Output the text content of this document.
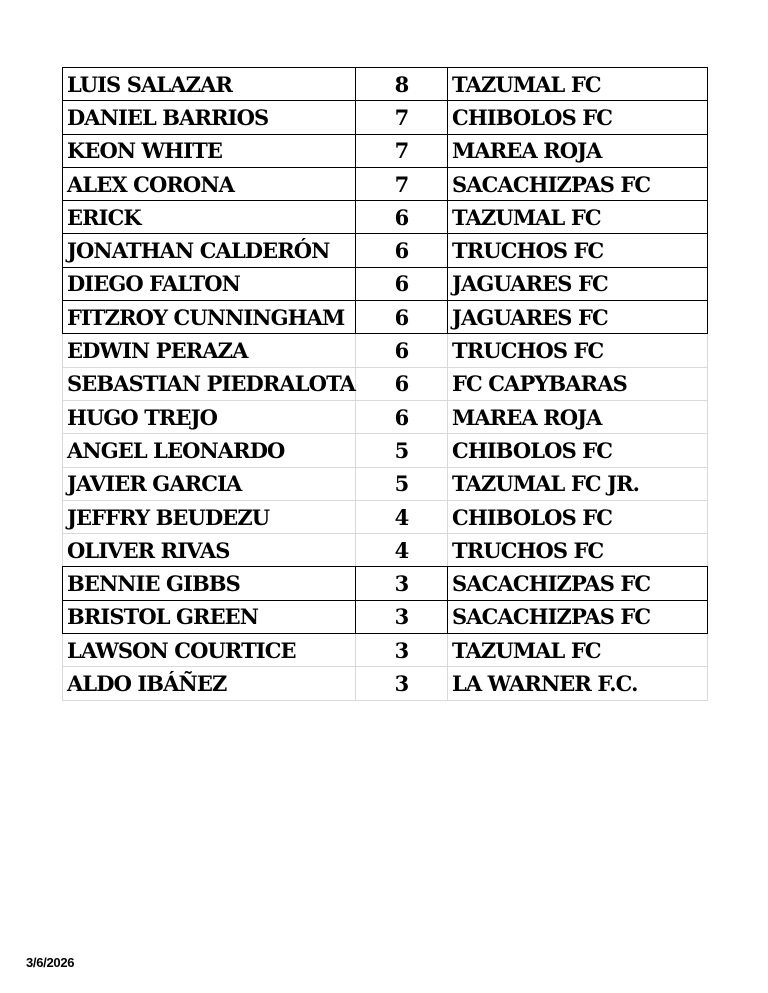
LUIS SALAZAR	8	TAZUMAL FC
DANIEL BARRIOS	7	CHIBOLOS FC
KEON WHITE	7	MAREA ROJA
ALEX CORONA	7	SACACHIZPAS FC
ERICK	6	TAZUMAL FC
JONATHAN CALDERÓN	6	TRUCHOS FC
DIEGO FALTON	6	JAGUARES FC
FITZROY CUNNINGHAM	6	JAGUARES FC
EDWIN PERAZA	6	TRUCHOS FC
SEBASTIAN PIEDRALOTA	6	FC CAPYBARAS
HUGO TREJO	6	MAREA ROJA
ANGEL LEONARDO	5	CHIBOLOS FC
JAVIER GARCIA	5	TAZUMAL FC JR.
JEFFRY BEUDEZU	4	CHIBOLOS FC
OLIVER RIVAS	4	TRUCHOS FC
BENNIE GIBBS	3	SACACHIZPAS FC
BRISTOL GREEN	3	SACACHIZPAS FC
LAWSON COURTICE	3	TAZUMAL FC
ALDO IBÁÑEZ	3	LA WARNER F.C.
3/6/2026
